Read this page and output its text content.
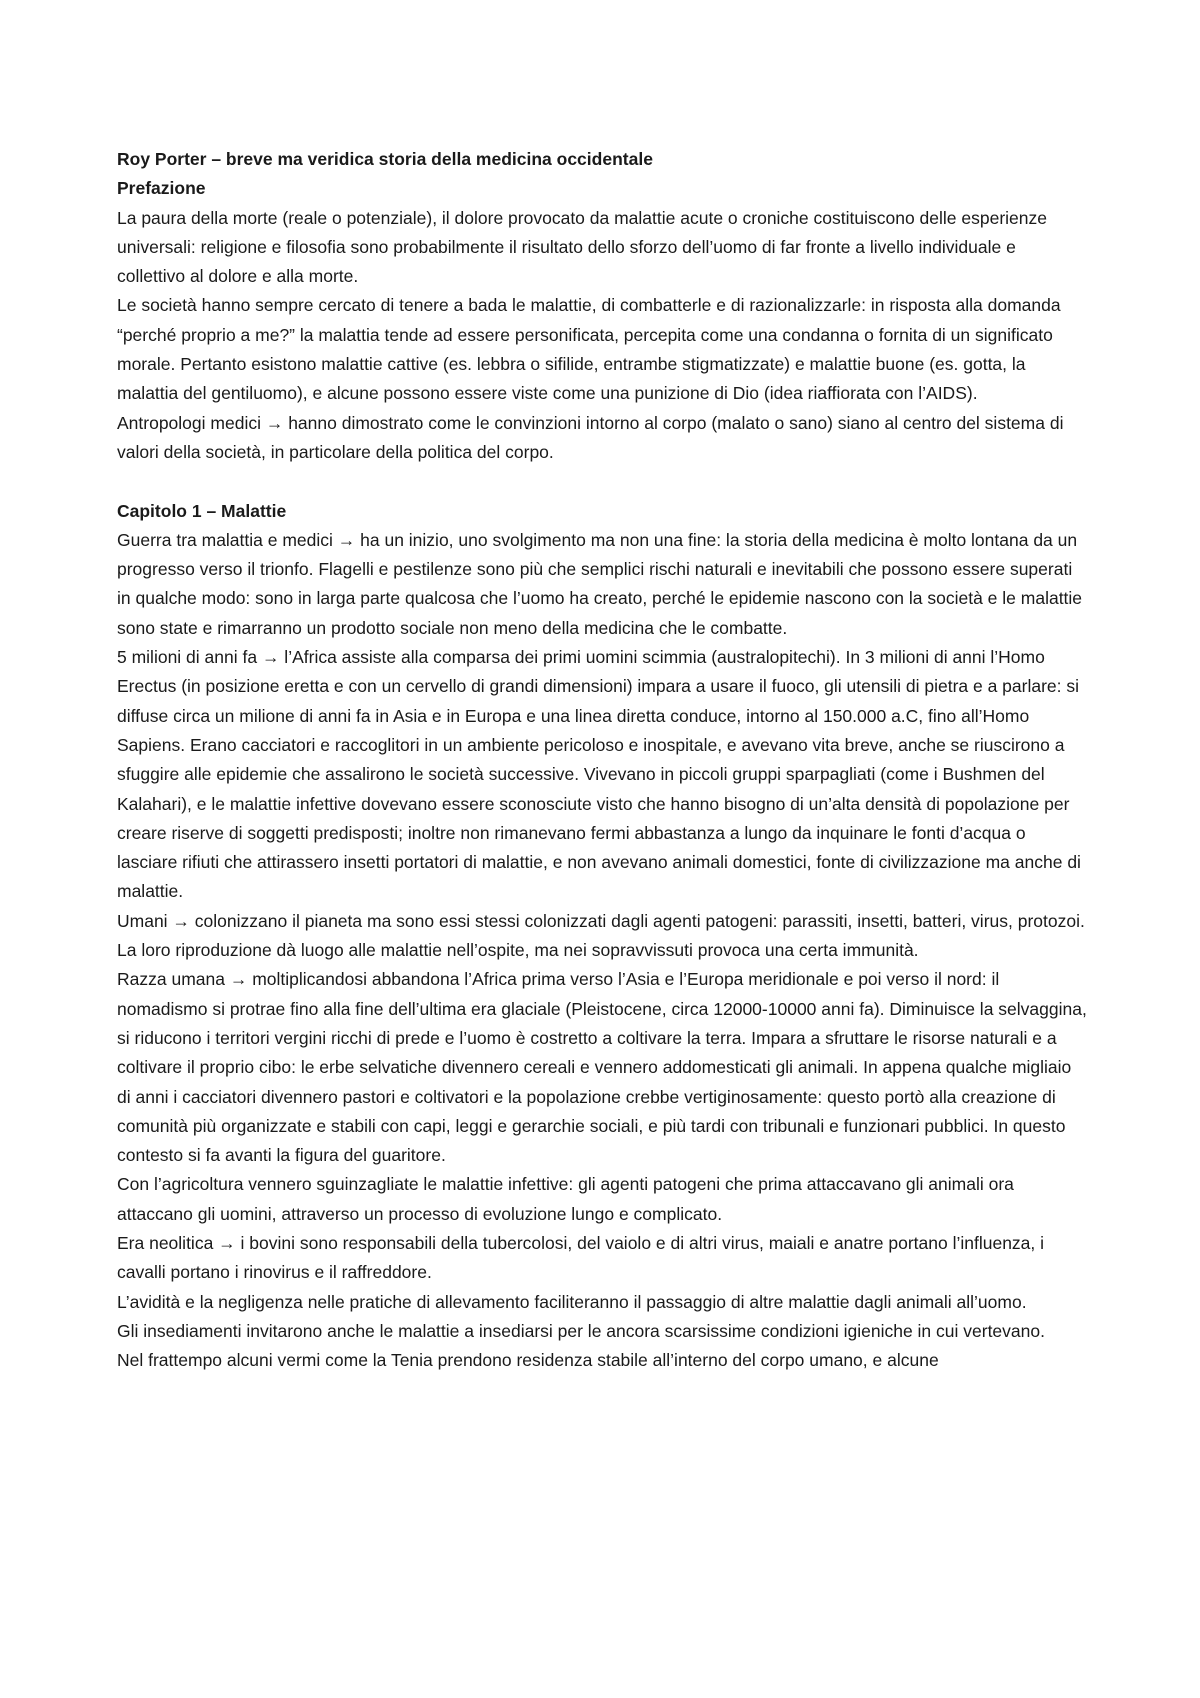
Roy Porter – breve ma veridica storia della medicina occidentale

Prefazione

La paura della morte (reale o potenziale), il dolore provocato da malattie acute o croniche costituiscono delle esperienze universali: religione e filosofia sono probabilmente il risultato dello sforzo dell’uomo di far fronte a livello individuale e collettivo al dolore e alla morte.

Le società hanno sempre cercato di tenere a bada le malattie, di combatterle e di razionalizzarle: in risposta alla domanda “perché proprio a me?” la malattia tende ad essere personificata, percepita come una condanna o fornita di un significato morale. Pertanto esistono malattie cattive (es. lebbra o sifilide, entrambe stigmatizzate) e malattie buone (es. gotta, la malattia del gentiluomo), e alcune possono essere viste come una punizione di Dio (idea riaffiorata con l’AIDS).

Antropologi medici → hanno dimostrato come le convinzioni intorno al corpo (malato o sano) siano al centro del sistema di valori della società, in particolare della politica del corpo.

Capitolo 1 – Malattie

Guerra tra malattia e medici → ha un inizio, uno svolgimento ma non una fine: la storia della medicina è molto lontana da un progresso verso il trionfo. Flagelli e pestilenze sono più che semplici rischi naturali e inevitabili che possono essere superati in qualche modo: sono in larga parte qualcosa che l’uomo ha creato, perché le epidemie nascono con la società e le malattie sono state e rimarranno un prodotto sociale non meno della medicina che le combatte.

5 milioni di anni fa → l’Africa assiste alla comparsa dei primi uomini scimmia (australopitechi). In 3 milioni di anni l’Homo Erectus (in posizione eretta e con un cervello di grandi dimensioni) impara a usare il fuoco, gli utensili di pietra e a parlare: si diffuse circa un milione di anni fa in Asia e in Europa e una linea diretta conduce, intorno al 150.000 a.C, fino all’Homo Sapiens. Erano cacciatori e raccoglitori in un ambiente pericoloso e inospitale, e avevano vita breve, anche se riuscirono a sfuggire alle epidemie che assalirono le società successive. Vivevano in piccoli gruppi sparpagliati (come i Bushmen del Kalahari), e le malattie infettive dovevano essere sconosciute visto che hanno bisogno di un’alta densità di popolazione per creare riserve di soggetti predisposti; inoltre non rimanevano fermi abbastanza a lungo da inquinare le fonti d’acqua o lasciare rifiuti che attirassero insetti portatori di malattie, e non avevano animali domestici, fonte di civilizzazione ma anche di malattie.

Umani → colonizzano il pianeta ma sono essi stessi colonizzati dagli agenti patogeni: parassiti, insetti, batteri, virus, protozoi. La loro riproduzione dà luogo alle malattie nell’ospite, ma nei sopravvissuti provoca una certa immunità.

Razza umana → moltiplicandosi abbandona l’Africa prima verso l’Asia e l’Europa meridionale e poi verso il nord: il nomadismo si protrae fino alla fine dell’ultima era glaciale (Pleistocene, circa 12000-10000 anni fa). Diminuisce la selvaggina, si riducono i territori vergini ricchi di prede e l’uomo è costretto a coltivare la terra. Impara a sfruttare le risorse naturali e a coltivare il proprio cibo: le erbe selvatiche divennero cereali e vennero addomesticati gli animali. In appena qualche migliaio di anni i cacciatori divennero pastori e coltivatori e la popolazione crebbe vertiginosamente: questo portò alla creazione di comunità più organizzate e stabili con capi, leggi e gerarchie sociali, e più tardi con tribunali e funzionari pubblici. In questo contesto si fa avanti la figura del guaritore.

Con l’agricoltura vennero sguinzagliate le malattie infettive: gli agenti patogeni che prima attaccavano gli animali ora attaccano gli uomini, attraverso un processo di evoluzione lungo e complicato.

Era neolitica → i bovini sono responsabili della tubercolosi, del vaiolo e di altri virus, maiali e anatre portano l’influenza, i cavalli portano i rinovirus e il raffreddore.

L’avidità e la negligenza nelle pratiche di allevamento faciliteranno il passaggio di altre malattie dagli animali all’uomo.

Gli insediamenti invitarono anche le malattie a insediarsi per le ancora scarsissime condizioni igieniche in cui vertevano.

Nel frattempo alcuni vermi come la Tenia prendono residenza stabile all’interno del corpo umano, e alcune
